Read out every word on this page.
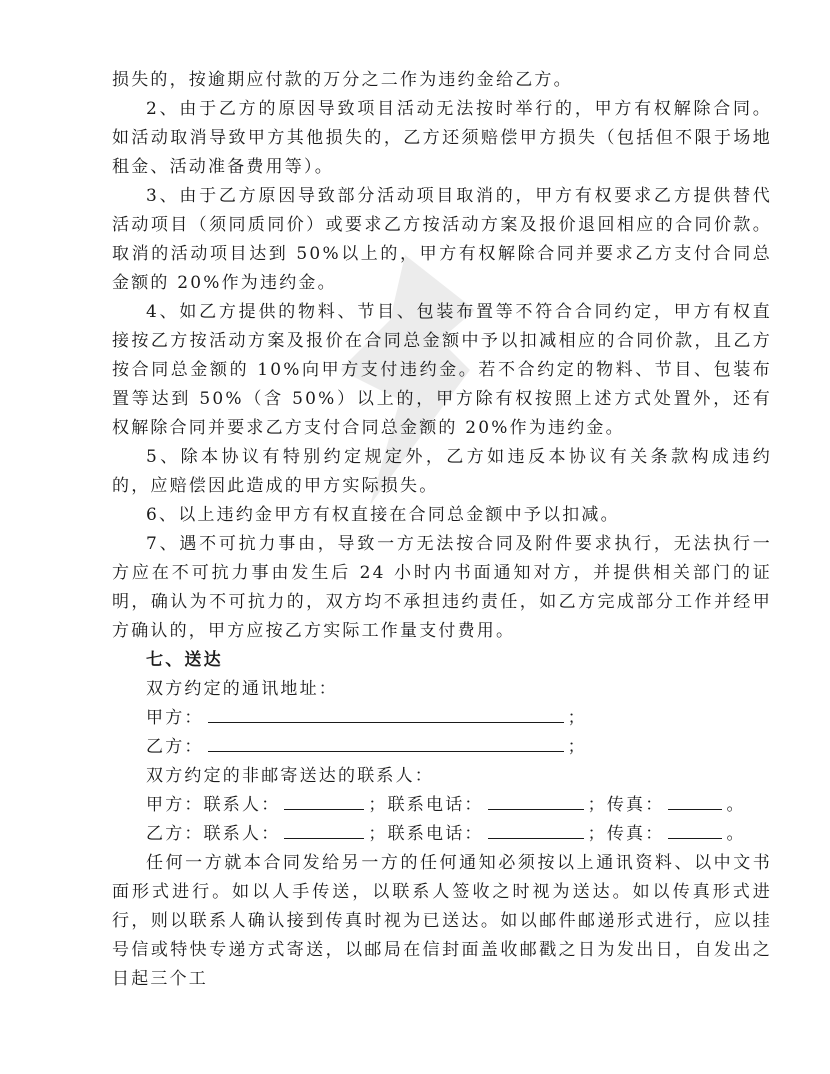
损失的，按逾期应付款的万分之二作为违约金给乙方。

2、由于乙方的原因导致项目活动无法按时举行的，甲方有权解除合同。如活动取消导致甲方其他损失的，乙方还须赔偿甲方损失（包括但不限于场地租金、活动准备费用等）。

3、由于乙方原因导致部分活动项目取消的，甲方有权要求乙方提供替代活动项目（须同质同价）或要求乙方按活动方案及报价退回相应的合同价款。取消的活动项目达到 50%以上的，甲方有权解除合同并要求乙方支付合同总金额的 20%作为违约金。

4、如乙方提供的物料、节目、包装布置等不符合合同约定，甲方有权直接按乙方按活动方案及报价在合同总金额中予以扣减相应的合同价款，且乙方按合同总金额的 10%向甲方支付违约金。若不合约定的物料、节目、包装布置等达到 50%（含 50%）以上的，甲方除有权按照上述方式处置外，还有权解除合同并要求乙方支付合同总金额的 20%作为违约金。

5、除本协议有特别约定规定外，乙方如违反本协议有关条款构成违约的，应赔偿因此造成的甲方实际损失。

6、以上违约金甲方有权直接在合同总金额中予以扣减。

7、遇不可抗力事由，导致一方无法按合同及附件要求执行，无法执行一方应在不可抗力事由发生后 24 小时内书面通知对方，并提供相关部门的证明，确认为不可抗力的，双方均不承担违约责任，如乙方完成部分工作并经甲方确认的，甲方应按乙方实际工作量支付费用。

七、送达

双方约定的通讯地址：

甲方：	；

乙方：	；

双方约定的非邮寄送达的联系人：

甲方：联系人：	；联系电话：	；传真：	。

乙方：联系人：	；联系电话：	；传真：	。

任何一方就本合同发给另一方的任何通知必须按以上通讯资料、以中文书面形式进行。如以人手传送，以联系人签收之时视为送达。如以传真形式进行，则以联系人确认接到传真时视为已送达。如以邮件邮递形式进行，应以挂号信或特快专递方式寄送，以邮局在信封面盖收邮戳之日为发出日，自发出之日起三个工
